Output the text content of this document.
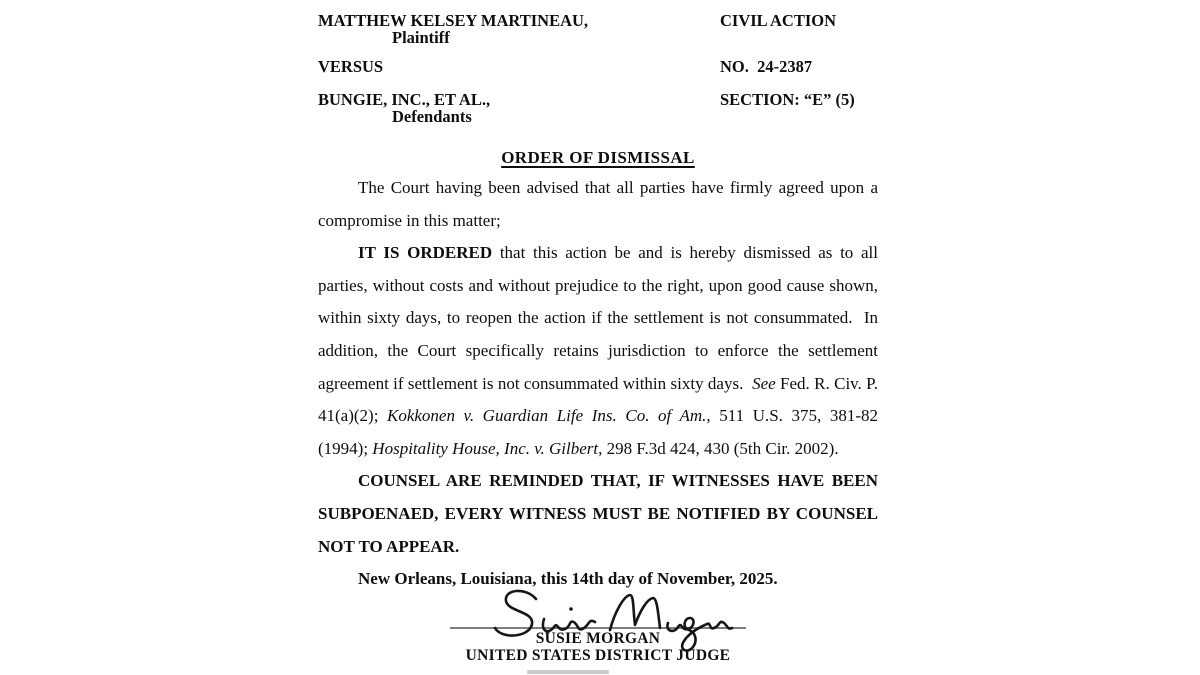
MATTHEW KELSEY MARTINEAU,
Plaintiff
CIVIL ACTION
VERSUS	NO.  24-2387
BUNGIE, INC., ET AL.,
Defendants
SECTION: “E” (5)
ORDER OF DISMISSAL

The Court having been advised that all parties have firmly agreed upon a compromise in this matter;

IT IS ORDERED that this action be and is hereby dismissed as to all parties, without costs and without prejudice to the right, upon good cause shown, within sixty days, to reopen the action if the settlement is not consummated.  In addition, the Court specifically retains jurisdiction to enforce the settlement agreement if settlement is not consummated within sixty days.  See Fed. R. Civ. P. 41(a)(2); Kokkonen v. Guardian Life Ins. Co. of Am., 511 U.S. 375, 381-82 (1994); Hospitality House, Inc. v. Gilbert, 298 F.3d 424, 430 (5th Cir. 2002).

COUNSEL ARE REMINDED THAT, IF WITNESSES HAVE BEEN SUBPOENAED, EVERY WITNESS MUST BE NOTIFIED BY COUNSEL NOT TO APPEAR.

New Orleans, Louisiana, this 14th day of November, 2025.

SUSIE MORGAN
UNITED STATES DISTRICT JUDGE
